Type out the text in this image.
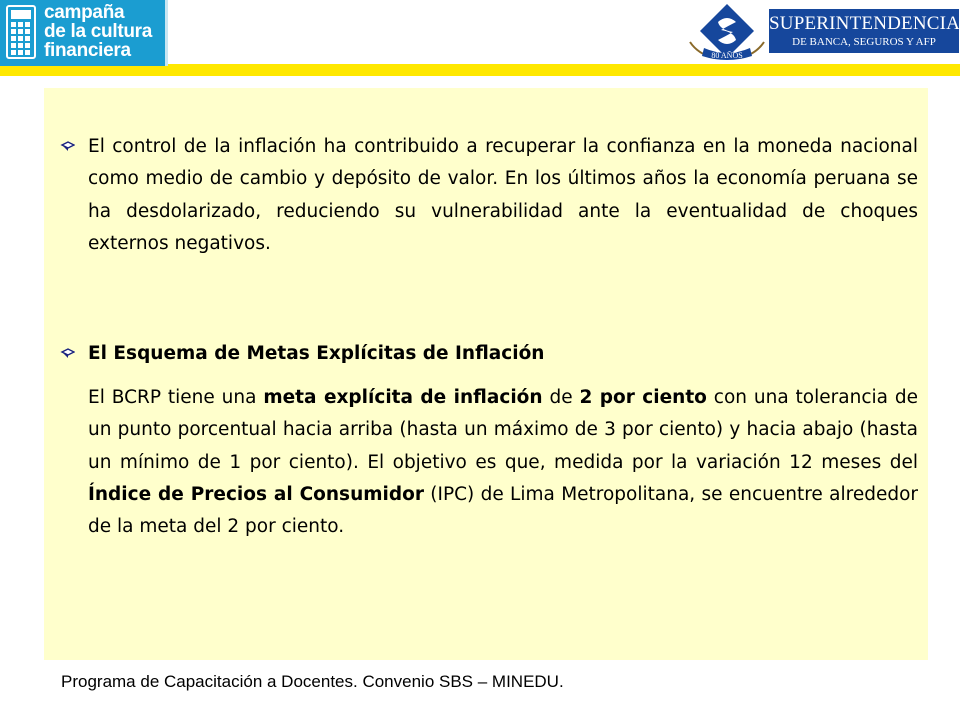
campaña
de la cultura
financiera	80 AÑOS
SUPERINTENDENCIA
DE BANCA, SEGUROS Y AFP
El control de la inflación ha contribuido a recuperar la confianza en la moneda nacional como medio de cambio y depósito de valor. En los últimos años la economía peruana se ha desdolarizado, reduciendo su vulnerabilidad ante la eventualidad de choques externos negativos.
El Esquema de Metas Explícitas de Inflación
El BCRP tiene una meta explícita de inflación de 2 por ciento con una tolerancia de un punto porcentual hacia arriba (hasta un máximo de 3 por ciento) y hacia abajo (hasta un mínimo de 1 por ciento). El objetivo es que, medida por la variación 12 meses del Índice de Precios al Consumidor (IPC) de Lima Metropolitana, se encuentre alrededor de la meta del 2 por ciento.
Programa de Capacitación a Docentes. Convenio SBS – MINEDU.
